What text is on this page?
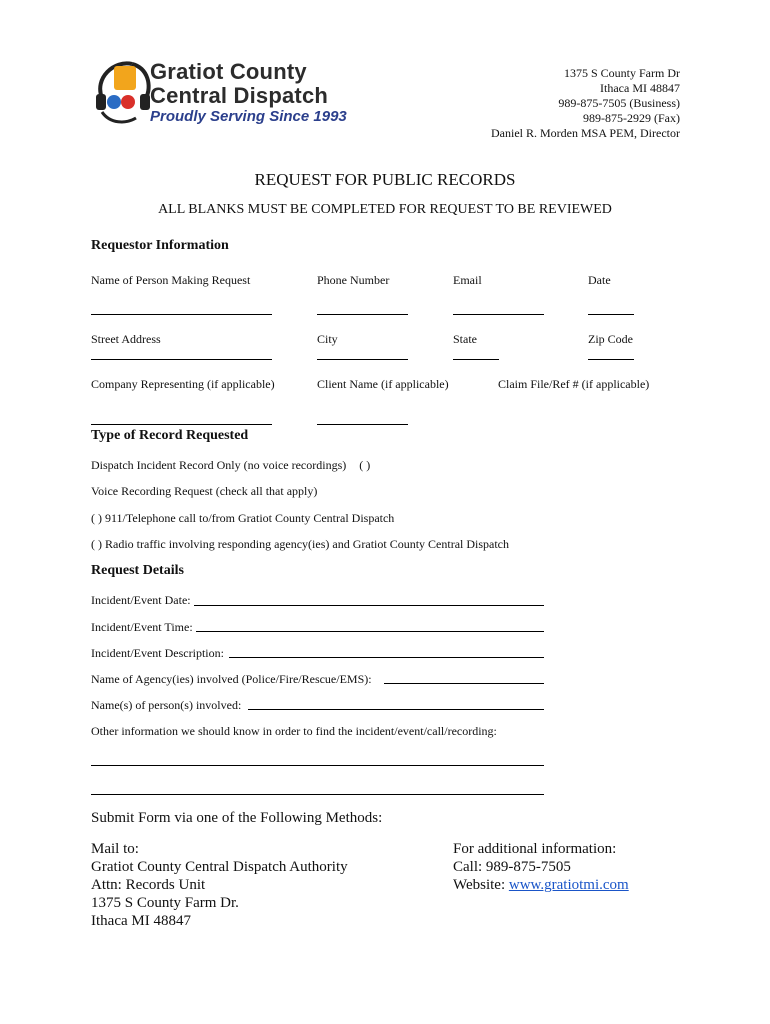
Gratiot County
Central Dispatch
Proudly Serving Since 1993
1375 S County Farm Dr
Ithaca MI 48847
989-875-7505 (Business)
989-875-2929 (Fax)
Daniel R. Morden MSA PEM, Director
REQUEST FOR PUBLIC RECORDS
ALL BLANKS MUST BE COMPLETED FOR REQUEST TO BE REVIEWED
Requestor Information
Name of Person Making Request	Phone Number	Email	Date
Street Address	City	State	Zip Code
Company Representing (if applicable)	Client Name (if applicable)	Claim File/Ref # (if applicable)
Type of Record Requested
Dispatch Incident Record Only (no voice recordings) ( )
Voice Recording Request (check all that apply)
( ) 911/Telephone call to/from Gratiot County Central Dispatch
( ) Radio traffic involving responding agency(ies) and Gratiot County Central Dispatch
Request Details
Incident/Event Date:
Incident/Event Time:
Incident/Event Description:
Name of Agency(ies) involved (Police/Fire/Rescue/EMS):
Name(s) of person(s) involved:
Other information we should know in order to find the incident/event/call/recording:
Submit Form via one of the Following Methods:
Mail to:
Gratiot County Central Dispatch Authority
Attn: Records Unit
1375 S County Farm Dr.
Ithaca MI 48847
For additional information:
Call: 989-875-7505
Website: www.gratiotmi.com
